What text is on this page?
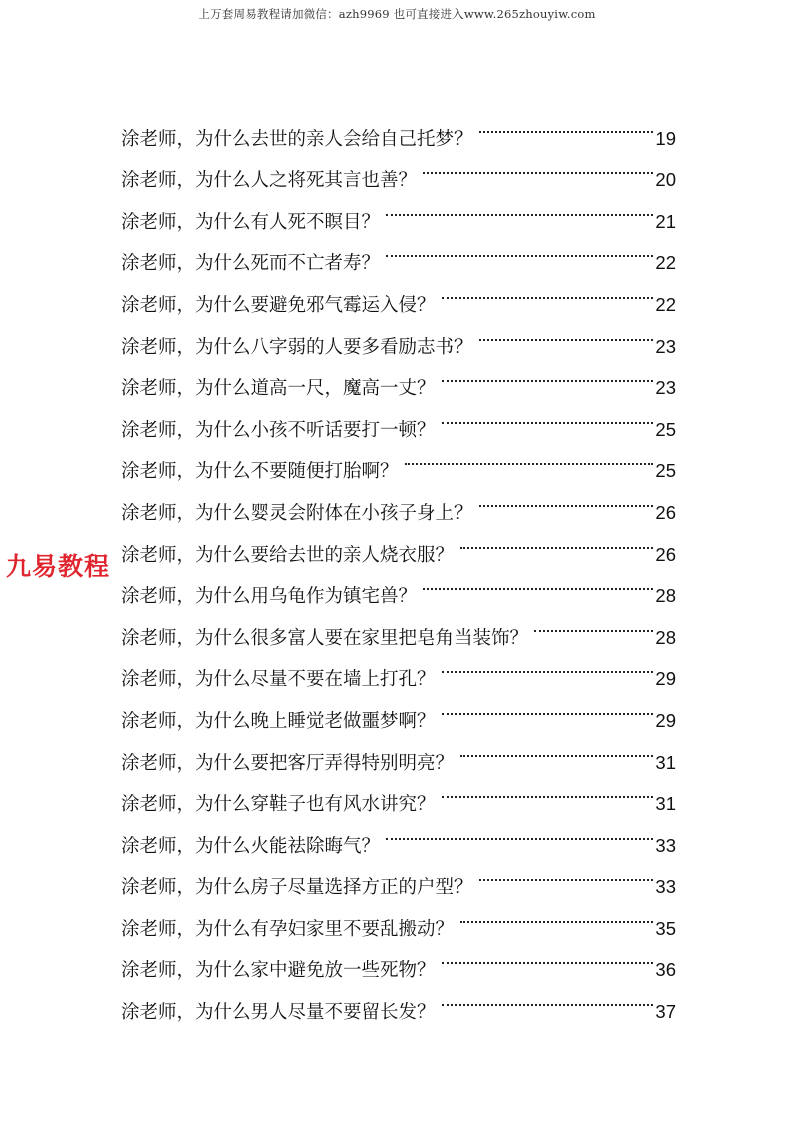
上万套周易教程请加微信：azh9969 也可直接进入www.265zhouyiw.com
九易教程
涂老师，为什么去世的亲人会给自己托梦？	19
涂老师，为什么人之将死其言也善？	20
涂老师，为什么有人死不瞑目？	21
涂老师，为什么死而不亡者寿？	22
涂老师，为什么要避免邪气霉运入侵？	22
涂老师，为什么八字弱的人要多看励志书？	23
涂老师，为什么道高一尺，魔高一丈？	23
涂老师，为什么小孩不听话要打一顿？	25
涂老师，为什么不要随便打胎啊？	25
涂老师，为什么婴灵会附体在小孩子身上？	26
涂老师，为什么要给去世的亲人烧衣服？	26
涂老师，为什么用乌龟作为镇宅兽？	28
涂老师，为什么很多富人要在家里把皂角当装饰？	28
涂老师，为什么尽量不要在墙上打孔？	29
涂老师，为什么晚上睡觉老做噩梦啊？	29
涂老师，为什么要把客厅弄得特别明亮？	31
涂老师，为什么穿鞋子也有风水讲究？	31
涂老师，为什么火能祛除晦气？	33
涂老师，为什么房子尽量选择方正的户型？	33
涂老师，为什么有孕妇家里不要乱搬动？	35
涂老师，为什么家中避免放一些死物？	36
涂老师，为什么男人尽量不要留长发？	37
